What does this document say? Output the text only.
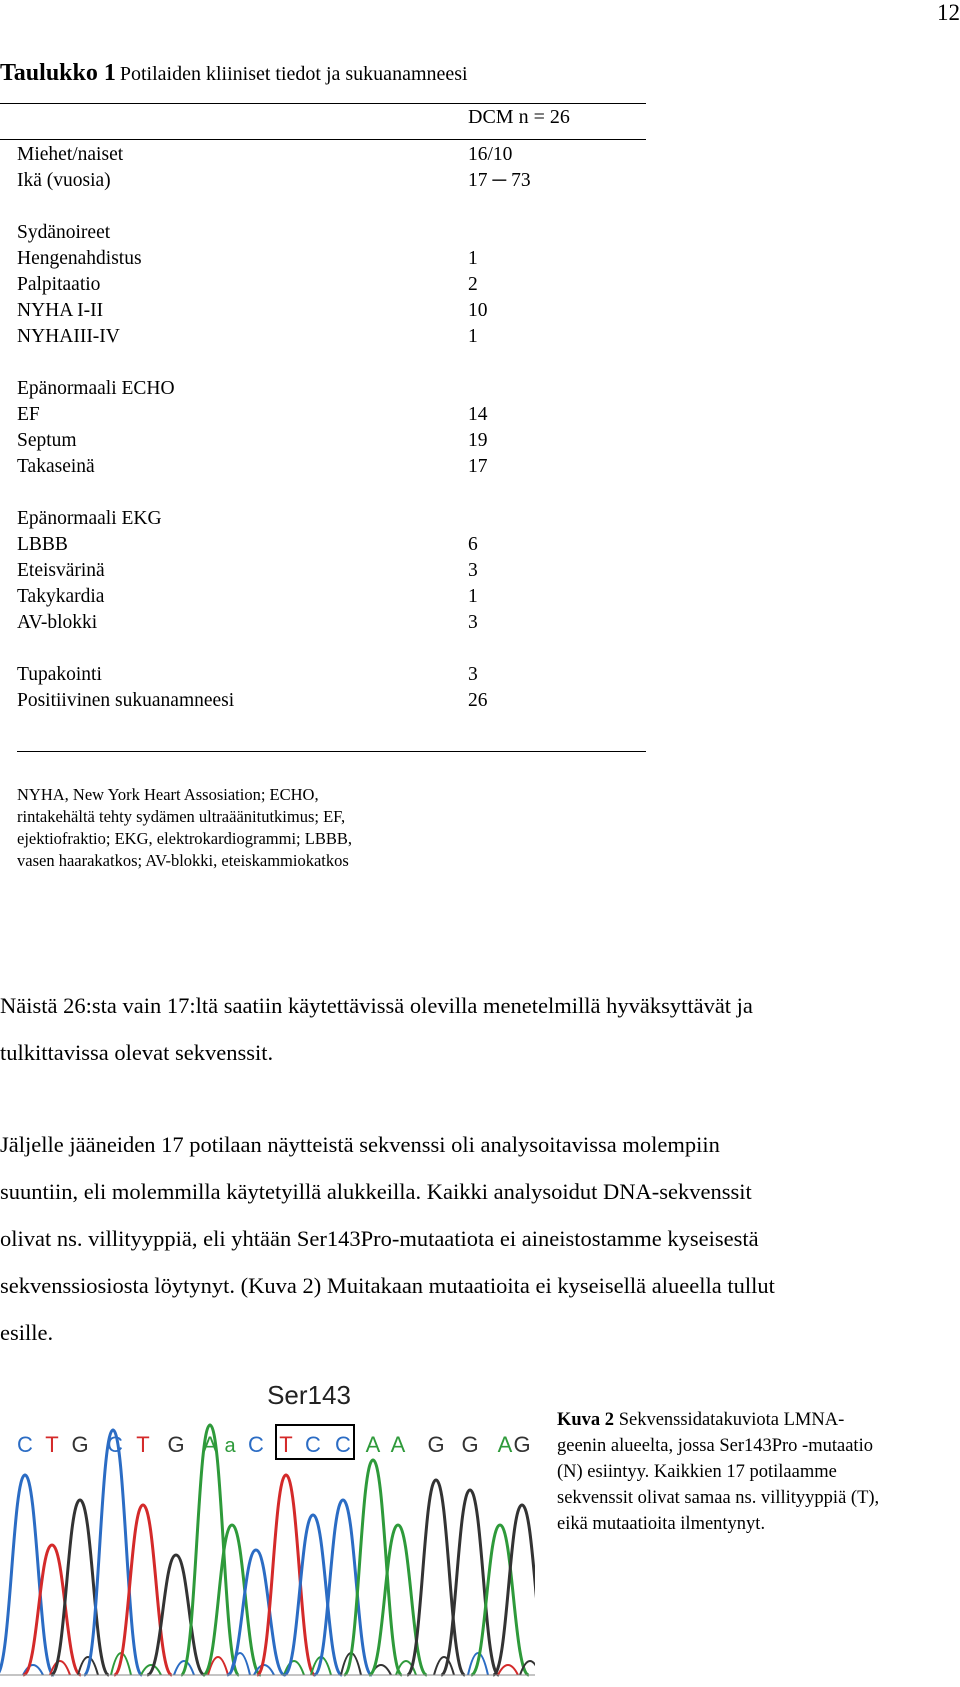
12
Taulukko 1 Potilaiden kliiniset tiedot ja sukuanamneesi
DCM n = 26
Miehet/naiset	16/10
Ikä (vuosia)	17 ─ 73
Sydänoireet
Hengenahdistus	1
Palpitaatio	2
NYHA I-II	10
NYHAIII-IV	1
Epänormaali ECHO
EF	14
Septum	19
Takaseinä	17
Epänormaali EKG
LBBB	6
Eteisvärinä	3
Takykardia	1
AV-blokki	3
Tupakointi	3
Positiivinen sukuanamneesi	26
NYHA, New York Heart Assosiation; ECHO,
rintakehältä tehty sydämen ultraäänitutkimus; EF,
ejektiofraktio; EKG, elektrokardiogrammi; LBBB,
vasen haarakatkos; AV-blokki, eteiskammiokatkos
Näistä 26:sta vain 17:ltä saatiin käytettävissä olevilla menetelmillä hyväksyttävät ja
tulkittavissa olevat sekvenssit.
Jäljelle jääneiden 17 potilaan näytteistä sekvenssi oli analysoitavissa molempiin
suuntiin, eli molemmilla käytetyillä alukkeilla. Kaikki analysoidut DNA-sekvenssit
olivat ns. villityyppiä, eli yhtään Ser143Pro-mutaatiota ei aineistostamme kyseisestä
sekvenssiosiosta löytynyt. (Kuva 2) Muitakaan mutaatioita ei kyseisellä alueella tullut
esille.
Ser143
C T G C T G A a C T C C A A G G A G
Kuva 2 Sekvenssidatakuviota LMNA-
geenin alueelta, jossa Ser143Pro -mutaatio
(N) esiintyy. Kaikkien 17 potilaamme
sekvenssit olivat samaa ns. villityyppiä (T),
eikä mutaatioita ilmentynyt.
